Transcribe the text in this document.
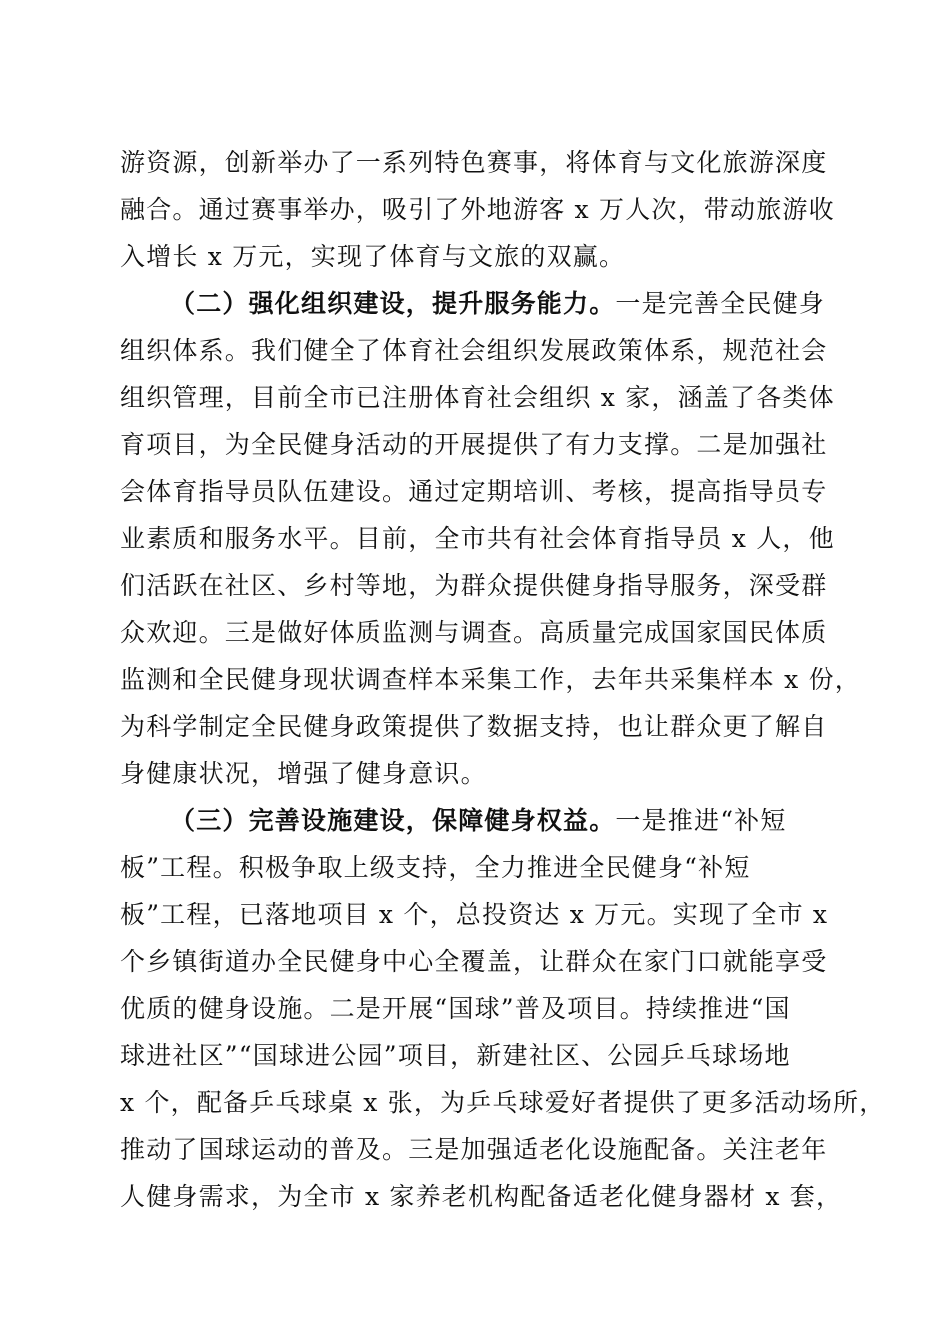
游资源，创新举办了一系列特色赛事，将体育与文化旅游深度
融合。通过赛事举办，吸引了外地游客 x 万人次，带动旅游收
入增长 x 万元，实现了体育与文旅的双赢。
（二）强化组织建设，提升服务能力。一是完善全民健身
组织体系。我们健全了体育社会组织发展政策体系，规范社会
组织管理，目前全市已注册体育社会组织 x 家，涵盖了各类体
育项目，为全民健身活动的开展提供了有力支撑。二是加强社
会体育指导员队伍建设。通过定期培训、考核，提高指导员专
业素质和服务水平。目前，全市共有社会体育指导员 x 人，他
们活跃在社区、乡村等地，为群众提供健身指导服务，深受群
众欢迎。三是做好体质监测与调查。高质量完成国家国民体质
监测和全民健身现状调查样本采集工作，去年共采集样本 x 份，
为科学制定全民健身政策提供了数据支持，也让群众更了解自
身健康状况，增强了健身意识。
（三）完善设施建设，保障健身权益。一是推进“补短
板”工程。积极争取上级支持，全力推进全民健身“补短
板”工程，已落地项目 x 个，总投资达 x 万元。实现了全市 x
个乡镇街道办全民健身中心全覆盖，让群众在家门口就能享受
优质的健身设施。二是开展“国球”普及项目。持续推进“国
球进社区”“国球进公园”项目，新建社区、公园乒乓球场地
x 个，配备乒乓球桌 x 张，为乒乓球爱好者提供了更多活动场所，
推动了国球运动的普及。三是加强适老化设施配备。关注老年
人健身需求，为全市 x 家养老机构配备适老化健身器材 x 套，
